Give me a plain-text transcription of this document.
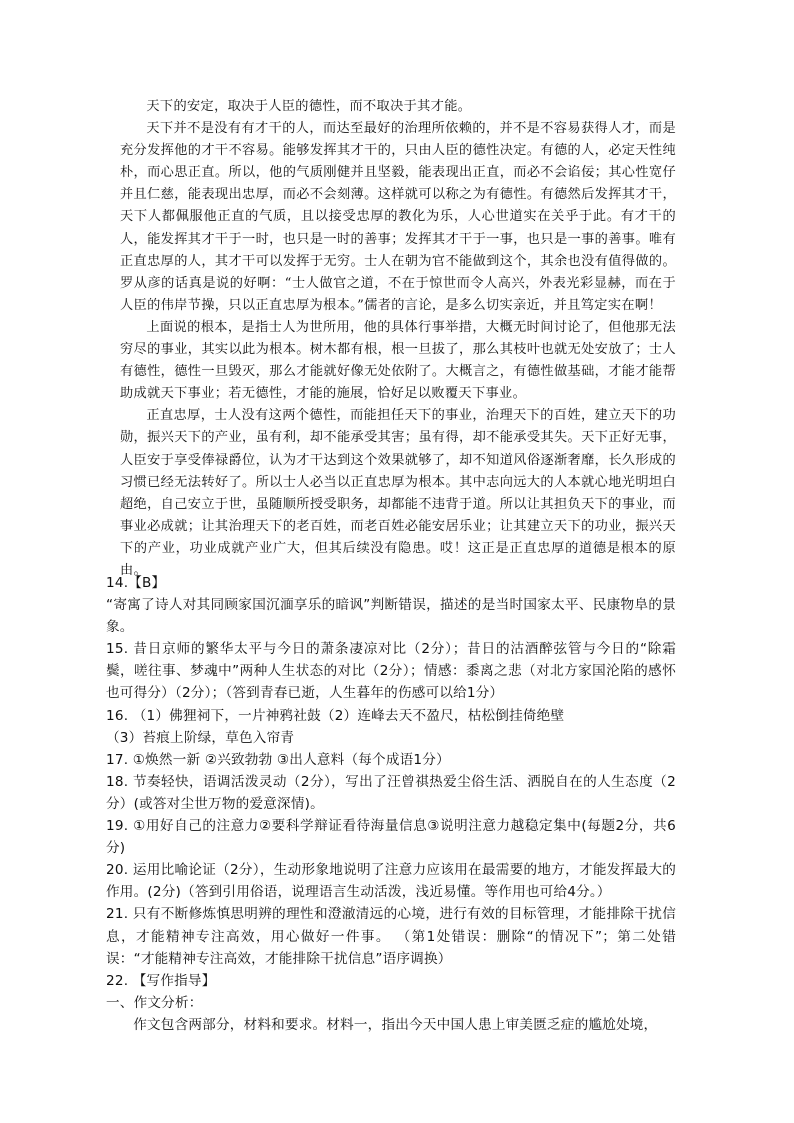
天下的安定，取决于人臣的德性，而不取决于其才能。

天下并不是没有有才干的人，而达至最好的治理所依赖的，并不是不容易获得人才，而是充分发挥他的才干不容易。能够发挥其才干的，只由人臣的德性决定。有德的人，必定天性纯朴，而心思正直。所以，他的气质刚健并且坚毅，能表现出正直，而必不会谄佞；其心性宽仔并且仁慈，能表现出忠厚，而必不会刻薄。这样就可以称之为有德性。有德然后发挥其才干，天下人都佩服他正直的气质，且以接受忠厚的教化为乐，人心世道实在关乎于此。有才干的人，能发挥其才干于一时，也只是一时的善事；发挥其才干于一事，也只是一事的善事。唯有正直忠厚的人，其才干可以发挥于无穷。士人在朝为官不能做到这个，其余也没有值得做的。罗从彦的话真是说的好啊：“士人做官之道，不在于惊世而令人高兴，外表光彩显赫，而在于人臣的伟岸节操，只以正直忠厚为根本。”儒者的言论，是多么切实亲近，并且笃定实在啊！

上面说的根本，是指士人为世所用，他的具体行事举措，大概无时间讨论了，但他那无法穷尽的事业，其实以此为根本。树木都有根，根一旦拔了，那么其枝叶也就无处安放了；士人有德性，德性一旦毁灭，那么才能就好像无处依附了。大概言之，有德性做基础，才能才能帮助成就天下事业；若无德性，才能的施展，恰好足以败覆天下事业。

正直忠厚，士人没有这两个德性，而能担任天下的事业，治理天下的百姓，建立天下的功勋，振兴天下的产业，虽有利，却不能承受其害；虽有得，却不能承受其失。天下正好无事，人臣安于享受俸禄爵位，认为才干达到这个效果就够了，却不知道风俗逐渐奢靡，长久形成的习惯已经无法转好了。所以士人必当以正直忠厚为根本。其中志向远大的人本就心地光明坦白超绝，自己安立于世，虽随顺所授受职务，却都能不违背于道。所以让其担负天下的事业，而事业必成就；让其治理天下的老百姓，而老百姓必能安居乐业；让其建立天下的功业，振兴天下的产业，功业成就产业广大，但其后续没有隐患。哎！这正是正直忠厚的道德是根本的原由。

14.【B】

“寄寓了诗人对其同顾家国沉湎享乐的暗讽”判断错误，描述的是当时国家太平、民康物阜的景象。

15. 昔日京师的繁华太平与今日的萧条凄凉对比（2分）；昔日的沽酒醉弦管与今日的“除霜鬓，嗟往事、梦魂中”两种人生状态的对比（2分）；情感：黍离之悲（对北方家国沦陷的感怀也可得分）（2分）；（答到青春已逝，人生暮年的伤感可以给1分）

16. （1）佛狸祠下，一片神鸦社鼓（2）连峰去天不盈尺，枯松倒挂倚绝壁

（3）苔痕上阶绿，草色入帘青

17. ①焕然一新 ②兴致勃勃 ③出人意料（每个成语1分）

18. 节奏轻快，语调活泼灵动（2分），写出了汪曾祺热爱尘俗生活、洒脱自在的人生态度（2分）(或答对尘世万物的爱意深情)。

19. ①用好自己的注意力②要科学辩证看待海量信息③说明注意力越稳定集中(每题2分，共6分)

20. 运用比喻论证（2分），生动形象地说明了注意力应该用在最需要的地方，才能发挥最大的作用。(2分)（答到引用俗语，说理语言生动活泼，浅近易懂。等作用也可给4分。）

21. 只有不断修炼慎思明辨的理性和澄澈清远的心境，进行有效的目标管理，才能排除干扰信息，才能精神专注高效，用心做好一件事。 （第1处错误：删除“的情况下”；第二处错误：“才能精神专注高效，才能排除干扰信息”语序调换）

22. 【写作指导】

一、作文分析：

作文包含两部分，材料和要求。材料一，指出今天中国人患上审美匮乏症的尴尬处境，
